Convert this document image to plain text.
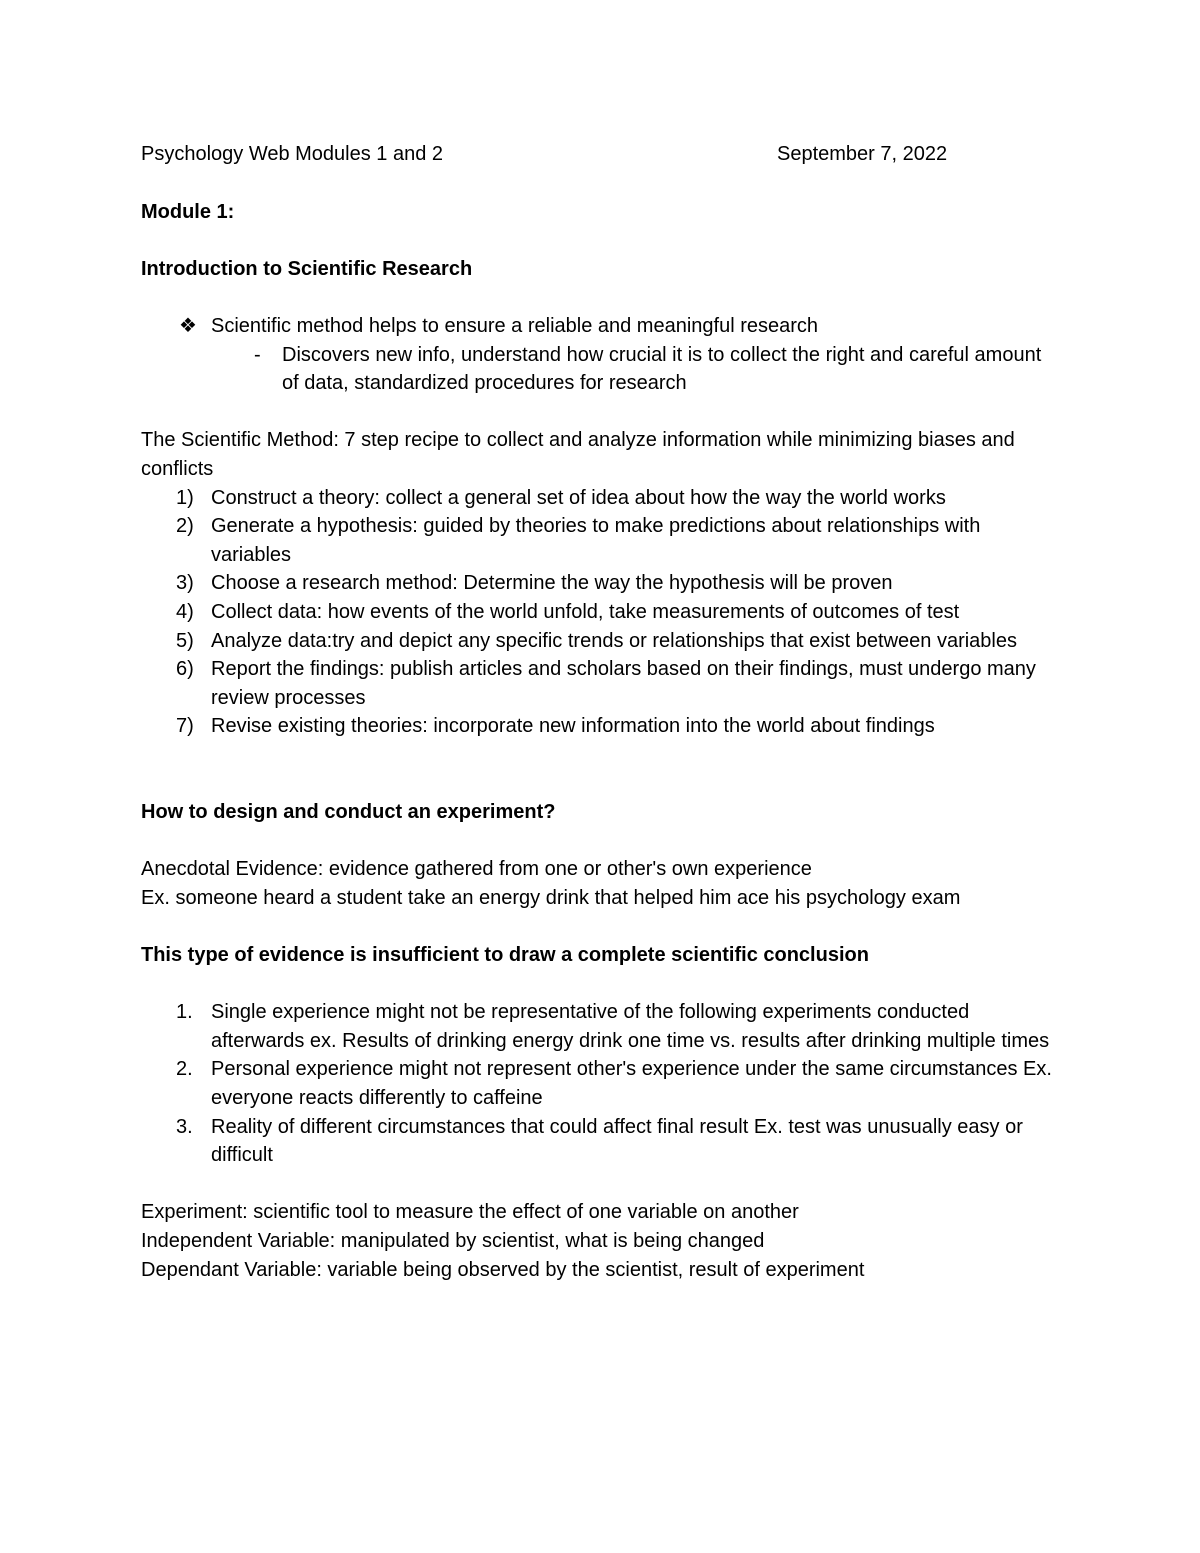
Psychology Web Modules 1 and 2	September 7, 2022

Module 1:

Introduction to Scientific Research

❖ Scientific method helps to ensure a reliable and meaningful research
- Discovers new info, understand how crucial it is to collect the right and careful amount of data, standardized procedures for research

The Scientific Method: 7 step recipe to collect and analyze information while minimizing biases and conflicts

1) Construct a theory: collect a general set of idea about how the way the world works
2) Generate a hypothesis: guided by theories to make predictions about relationships with variables
3) Choose a research method: Determine the way the hypothesis will be proven
4) Collect data: how events of the world unfold, take measurements of outcomes of test
5) Analyze data:try and depict any specific trends or relationships that exist between variables
6) Report the findings: publish articles and scholars based on their findings, must undergo many review processes
7) Revise existing theories: incorporate new information into the world about findings

How to design and conduct an experiment?

Anecdotal Evidence: evidence gathered from one or other's own experience

Ex. someone heard a student take an energy drink that helped him ace his psychology exam

This type of evidence is insufficient to draw a complete scientific conclusion

1. Single experience might not be representative of the following experiments conducted afterwards ex. Results of drinking energy drink one time vs. results after drinking multiple times
2. Personal experience might not represent other's experience under the same circumstances Ex. everyone reacts differently to caffeine
3. Reality of different circumstances that could affect final result Ex. test was unusually easy or difficult

Experiment: scientific tool to measure the effect of one variable on another

Independent Variable: manipulated by scientist, what is being changed

Dependant Variable: variable being observed by the scientist, result of experiment
